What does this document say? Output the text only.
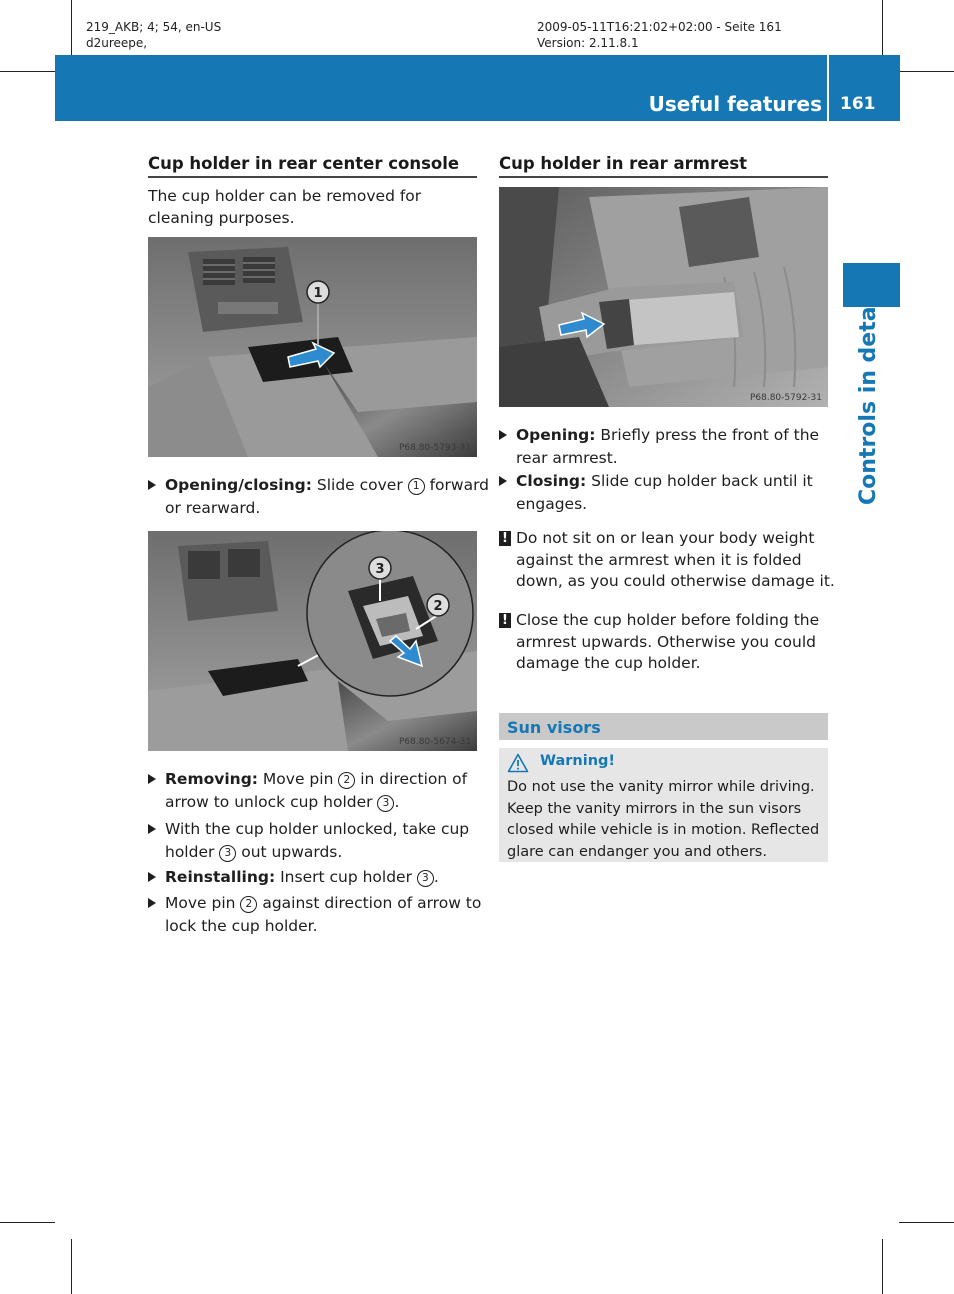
219_AKB; 4; 54, en-US
d2ureepe,
2009-05-11T16:21:02+02:00 - Seite 161
Version: 2.11.8.1
Useful features 161
Controls in detail
Cup holder in rear center console
The cup holder can be removed for cleaning purposes.
1
P68.80-5793-31
Opening/closing: Slide cover 1 forward or rearward.
3
2
P68.80-5674-31
Removing: Move pin 2 in direction of arrow to unlock cup holder 3 .
With the cup holder unlocked, take cup holder 3 out upwards.
Reinstalling: Insert cup holder 3 .
Move pin 2 against direction of arrow to lock the cup holder.
Cup holder in rear armrest
P68.80-5792-31
Opening: Briefly press the front of the rear armrest.
Closing: Slide cup holder back until it engages.
! Do not sit on or lean your body weight against the armrest when it is folded down, as you could otherwise damage it.
! Close the cup holder before folding the armrest upwards. Otherwise you could damage the cup holder.
Sun visors
Warning!
Do not use the vanity mirror while driving. Keep the vanity mirrors in the sun visors closed while vehicle is in motion. Reflected glare can endanger you and others.
